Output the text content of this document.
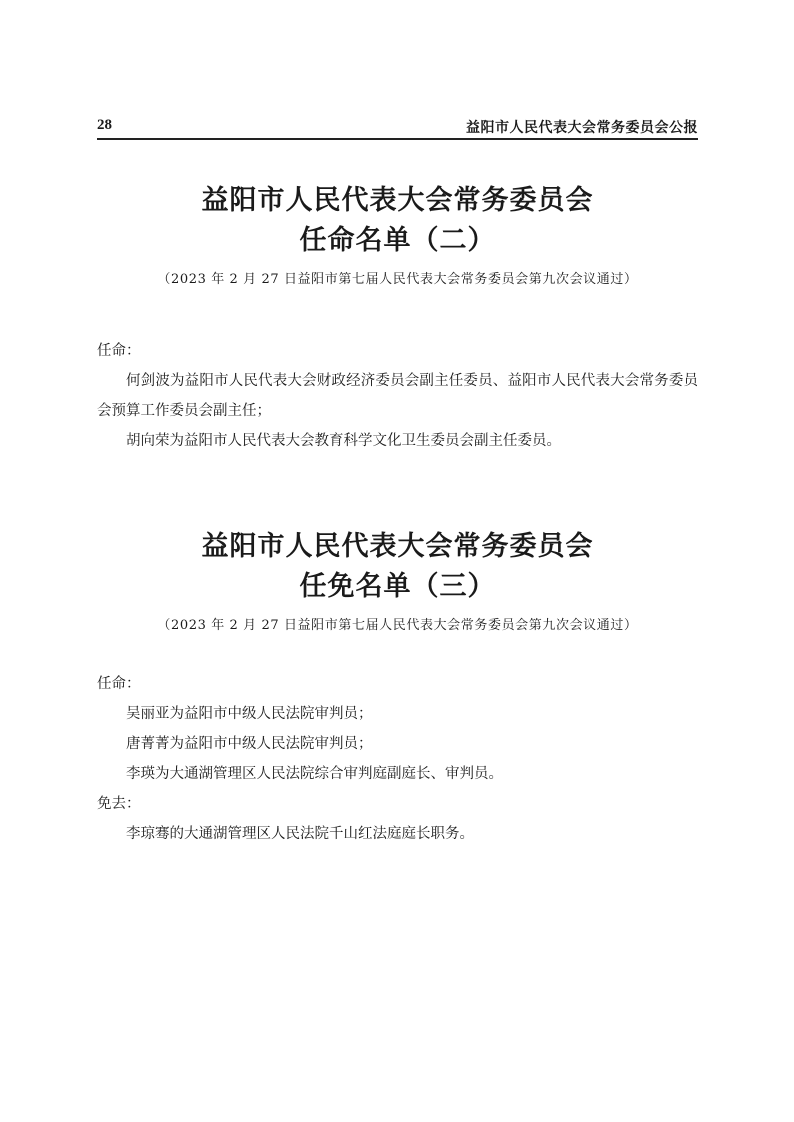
28	益阳市人民代表大会常务委员会公报
益阳市人民代表大会常务委员会
任命名单（二）
（2023 年 2 月 27 日益阳市第七届人民代表大会常务委员会第九次会议通过）
任命：

何剑波为益阳市人民代表大会财政经济委员会副主任委员、益阳市人民代表大会常务委员会预算工作委员会副主任；

胡向荣为益阳市人民代表大会教育科学文化卫生委员会副主任委员。

益阳市人民代表大会常务委员会
任免名单（三）
（2023 年 2 月 27 日益阳市第七届人民代表大会常务委员会第九次会议通过）
任命：

吴丽亚为益阳市中级人民法院审判员；

唐菁菁为益阳市中级人民法院审判员；

李瑛为大通湖管理区人民法院综合审判庭副庭长、审判员。

免去：

李琼骞的大通湖管理区人民法院千山红法庭庭长职务。
